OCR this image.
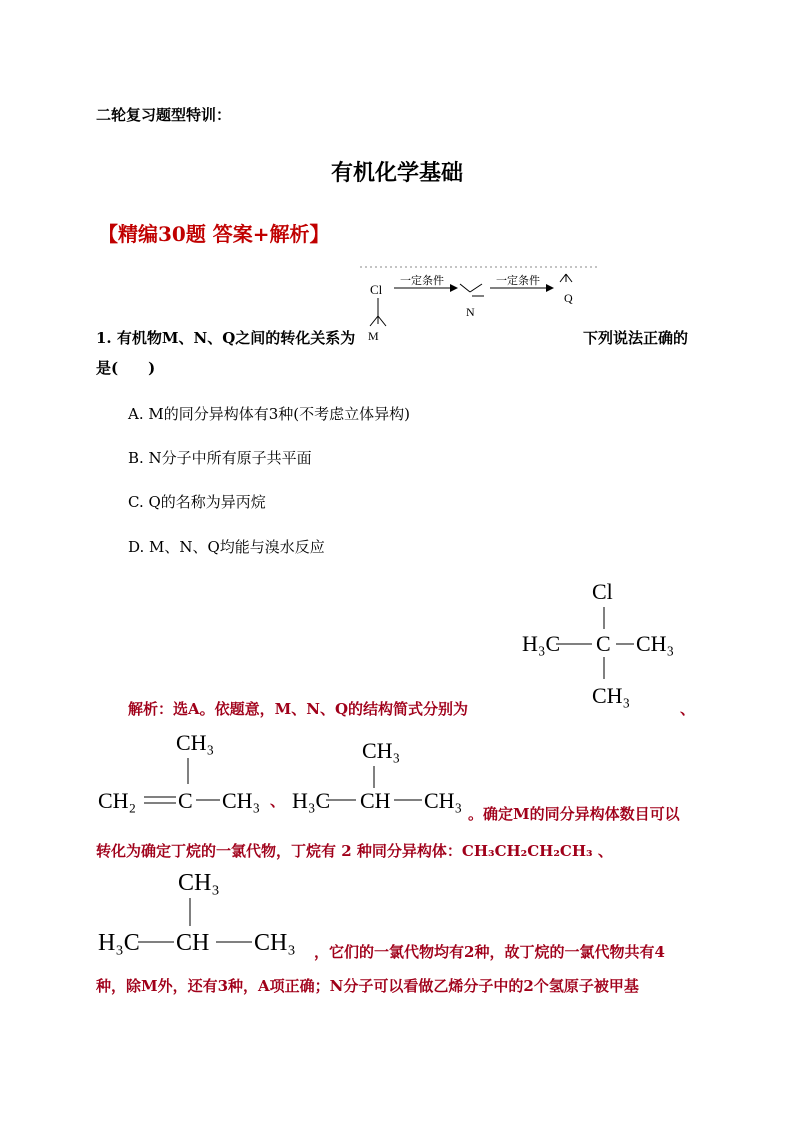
二轮复习题型特训：
有机化学基础
【精编30题 答案+解析】
Cl
M
一定条件
N
一定条件
Q
1. 有机物M、N、Q之间的转化关系为	下列说法正确的
是(　　)
A. M的同分异构体有3种(不考虑立体异构)
B. N分子中所有原子共平面
C. Q的名称为异丙烷
D. M、N、Q均能与溴水反应
Cl
H₃C C CH₃
CH₃
解析：选A。依题意，M、N、Q的结构简式分别为	、
CH₃
CH₂ C CH₃ 、
CH₃
H₃C CH CH₃
。确定M的同分异构体数目可以
转化为确定丁烷的一氯代物，丁烷有 2 种同分异构体：CH₃CH₂CH₂CH₃ 、
CH₃
H₃C CH CH₃ ，它们的一氯代物均有2种，故丁烷的一氯代物共有4
种，除M外，还有3种，A项正确；N分子可以看做乙烯分子中的2个氢原子被甲基
